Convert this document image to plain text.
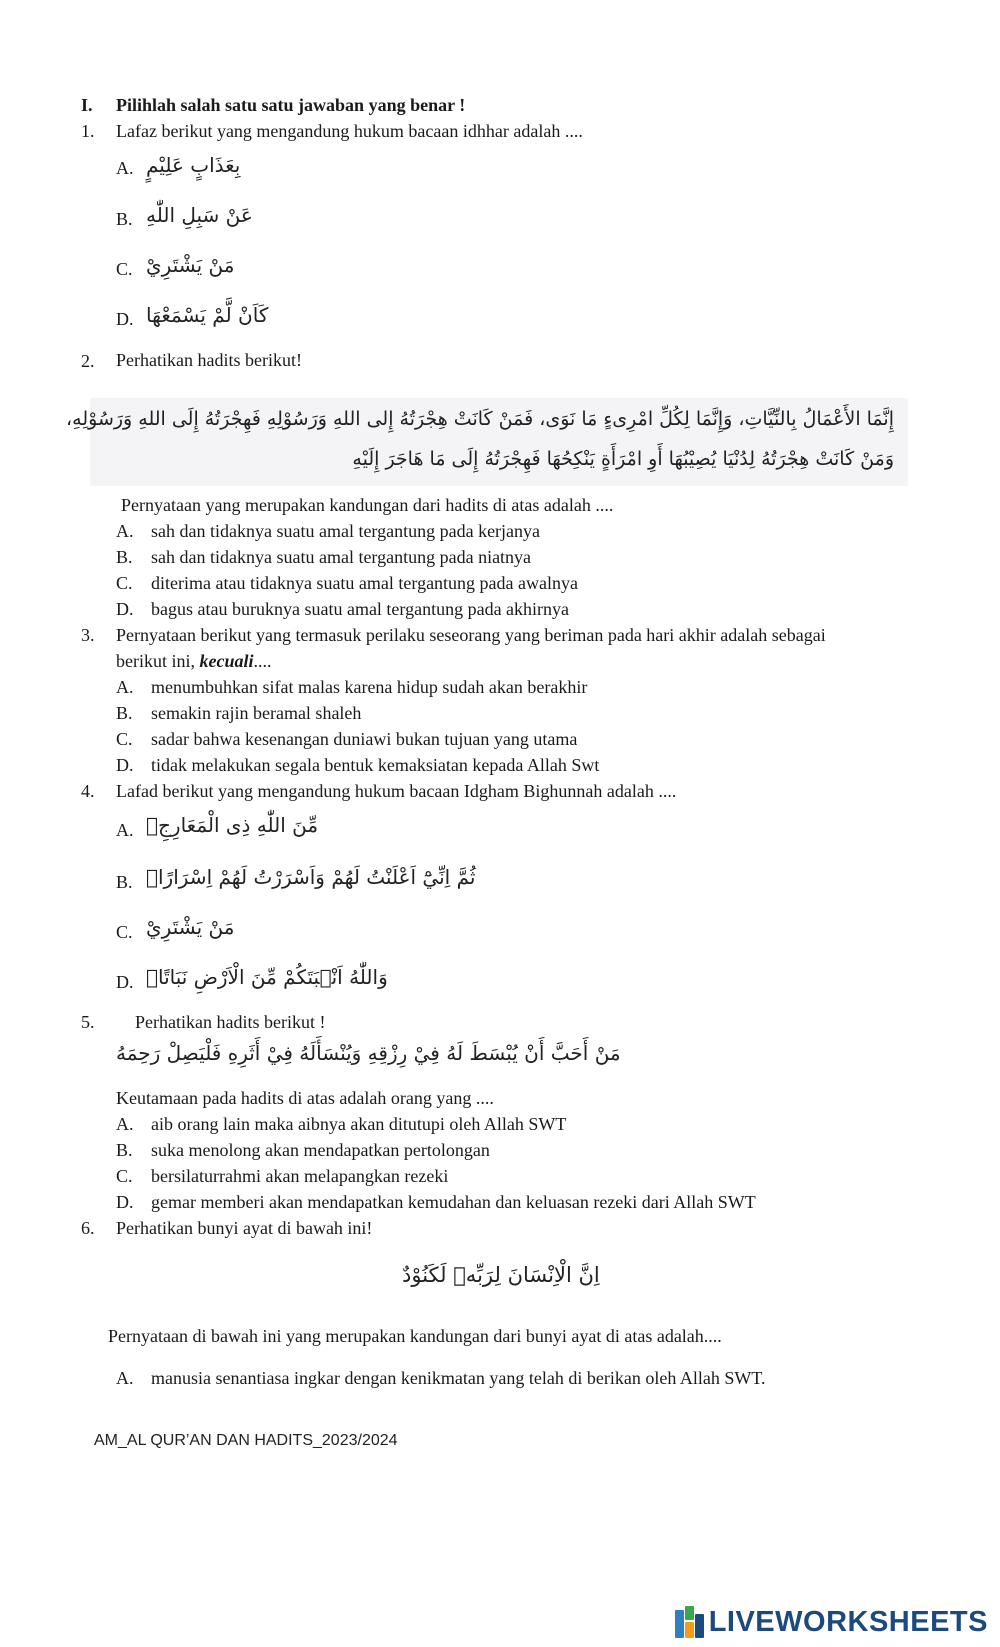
I. Pilihlah salah satu satu jawaban yang benar !
1. Lafaz berikut yang mengandung hukum bacaan idhhar adalah ....
A. بِعَذَابٍ عَلِيْمٍ
B. عَنْ سَبِلِ اللّٰهِ
C. مَنْ يَشْتَرِيْ
D. كَاَنْ لَّمْ يَسْمَعْهَا
2. Perhatikan hadits berikut!
إِنَّمَا الأَعْمَالُ بِالنِّيَّاتِ، وَإِنَّمَا لِكُلِّ امْرِىءٍ مَا نَوَى، فَمَنْ كَانَتْ هِجْرَتُهُ إِلى اللهِ وَرَسُوْلِهِ فَهِجْرَتُهُ إِلَى اللهِ وَرَسُوْلِهِ،
وَمَنْ كَانَتْ هِجْرَتُهُ لِدُنْيَا يُصِيْبُهَا أَوِ امْرَأَةٍ يَنْكِحُهَا فَهِجْرَتُهُ إِلَى مَا هَاجَرَ إِلَيْهِ
Pernyataan yang merupakan kandungan dari hadits di atas adalah ....
A. sah dan tidaknya suatu amal tergantung pada kerjanya
B. sah dan tidaknya suatu amal tergantung pada niatnya
C. diterima atau tidaknya suatu amal tergantung pada awalnya
D. bagus atau buruknya suatu amal tergantung pada akhirnya
3. Pernyataan berikut yang termasuk perilaku seseorang yang beriman pada hari akhir adalah sebagai
berikut ini, kecuali....
A. menumbuhkan sifat malas karena hidup sudah akan berakhir
B. semakin rajin beramal shaleh
C. sadar bahwa kesenangan duniawi bukan tujuan yang utama
D. tidak melakukan segala bentuk kemaksiatan kepada Allah Swt
4. Lafad berikut yang mengandung hukum bacaan Idgham Bighunnah adalah ....
A. مِّنَ اللّٰهِ ذِى الْمَعَارِجِۗ
B. ثُمَّ اِنِّيْٓ اَعْلَنْتُ لَهُمْ وَاَسْرَرْتُ لَهُمْ اِسْرَارًاۙ
C. مَنْ يَشْتَرِيْ
D. وَاللّٰهُ اَنْۢبَتَكُمْ مِّنَ الْاَرْضِ نَبَاتًاۙ
5. Perhatikan hadits berikut !
مَنْ أَحَبَّ أَنْ يُبْسَطَ لَهُ فِيْ رِزْقِهِ وَيُنْسَأَلَهُ فِيْ أَثَرِهِ فَلْيَصِلْ رَحِمَهُ
Keutamaan pada hadits di atas adalah orang yang ....
A. aib orang lain maka aibnya akan ditutupi oleh Allah SWT
B. suka menolong akan mendapatkan pertolongan
C. bersilaturrahmi akan melapangkan rezeki
D. gemar memberi akan mendapatkan kemudahan dan keluasan rezeki dari Allah SWT
6. Perhatikan bunyi ayat di bawah ini!
اِنَّ الْاِنْسَانَ لِرَبِّهٖ لَكَنُوْدٌ
Pernyataan di bawah ini yang merupakan kandungan dari bunyi ayat di atas adalah....
A. manusia senantiasa ingkar dengan kenikmatan yang telah di berikan oleh Allah SWT.
AM_AL QUR’AN DAN HADITS_2023/2024
LIVEWORKSHEETS
